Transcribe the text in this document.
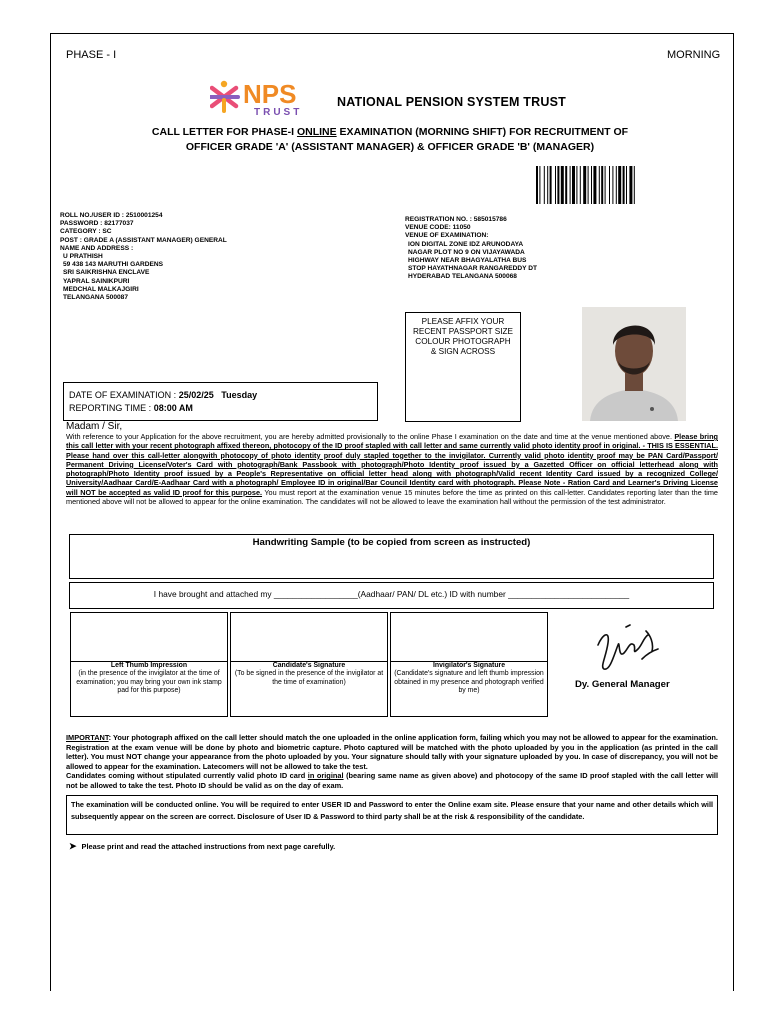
PHASE - I	MORNING
NPS
TRUST
NATIONAL PENSION SYSTEM TRUST
CALL LETTER FOR PHASE-I ONLINE EXAMINATION (MORNING SHIFT) FOR RECRUITMENT OF
OFFICER GRADE 'A' (ASSISTANT MANAGER) & OFFICER GRADE 'B' (MANAGER)
ROLL NO./USER ID : 2510001254
PASSWORD : 82177037
CATEGORY : SC
POST : GRADE A (ASSISTANT MANAGER) GENERAL
NAME AND ADDRESS :
U PRATHISH
59 438 143 MARUTHI GARDENS
SRI SAIKRISHNA ENCLAVE
YAPRAL SAINIKPURI
MEDCHAL MALKAJGIRI
TELANGANA 500087
REGISTRATION NO. : 585015786
VENUE CODE: 11050
VENUE OF EXAMINATION:
ION DIGITAL ZONE IDZ ARUNODAYA
NAGAR PLOT NO 9 ON VIJAYAWADA
HIGHWAY NEAR BHAGYALATHA BUS
STOP HAYATHNAGAR RANGAREDDY DT
HYDERABAD TELANGANA 500068
PLEASE AFFIX YOUR
RECENT PASSPORT SIZE
COLOUR PHOTOGRAPH
& SIGN ACROSS
DATE OF EXAMINATION : 25/02/25 Tuesday
REPORTING TIME : 08:00 AM
Madam / Sir,
With reference to your Application for the above recruitment, you are hereby admitted provisionally to the online Phase I examination on the date and time at the venue mentioned above. Please bring this call letter with your recent photograph affixed thereon, photocopy of the ID proof stapled with call letter and same currently valid photo identity proof in original. - THIS IS ESSENTIAL. Please hand over this call-letter alongwith photocopy of photo identity proof duly stapled together to the invigilator. Currently valid photo identity proof may be PAN Card/Passport/ Permanent Driving License/Voter's Card with photograph/Bank Passbook with photograph/Photo Identity proof issued by a Gazetted Officer on official letterhead along with photograph/Photo Identity proof issued by a People's Representative on official letter head along with photograph/Valid recent Identity Card issued by a recognized College/ University/Aadhaar Card/E-Aadhaar Card with a photograph/ Employee ID in original/Bar Council Identity card with photograph. Please Note - Ration Card and Learner's Driving License will NOT be accepted as valid ID proof for this purpose. You must report at the examination venue 15 minutes before the time as printed on this call-letter. Candidates reporting later than the time mentioned above will not be allowed to appear for the online examination. The candidates will not be allowed to leave the examination hall without the permission of the test administrator.
Handwriting Sample (to be copied from screen as instructed)
I have brought and attached my __________________(Aadhaar/ PAN/ DL etc.) ID with number __________________________
Left Thumb Impression
(in the presence of the invigilator at the time of examination; you may bring your own ink stamp pad for this purpose)
Candidate's Signature
(To be signed in the presence of the invigilator at the time of examination)
Invigilator's Signature
(Candidate's signature and left thumb impression obtained in my presence and photograph verified by me)
Dy. General Manager
IMPORTANT: Your photograph affixed on the call letter should match the one uploaded in the online application form, failing which you may not be allowed to appear for the examination. Registration at the exam venue will be done by photo and biometric capture. Photo captured will be matched with the photo uploaded by you in the application (as printed in the call letter). You must NOT change your appearance from the photo uploaded by you. Your signature should tally with your signature uploaded by you. In case of discrepancy, you will not be allowed to appear for the examination. Latecomers will not be allowed to take the test.
Candidates coming without stipulated currently valid photo ID card in original (bearing same name as given above) and photocopy of the same ID proof stapled with the call letter will not be allowed to take the test. Photo ID should be valid as on the day of exam.
The examination will be conducted online. You will be required to enter USER ID and Password to enter the Online exam site. Please ensure that your name and other details which will subsequently appear on the screen are correct. Disclosure of User ID & Password to third party shall be at the risk & responsibility of the candidate.
➤ Please print and read the attached instructions from next page carefully.
